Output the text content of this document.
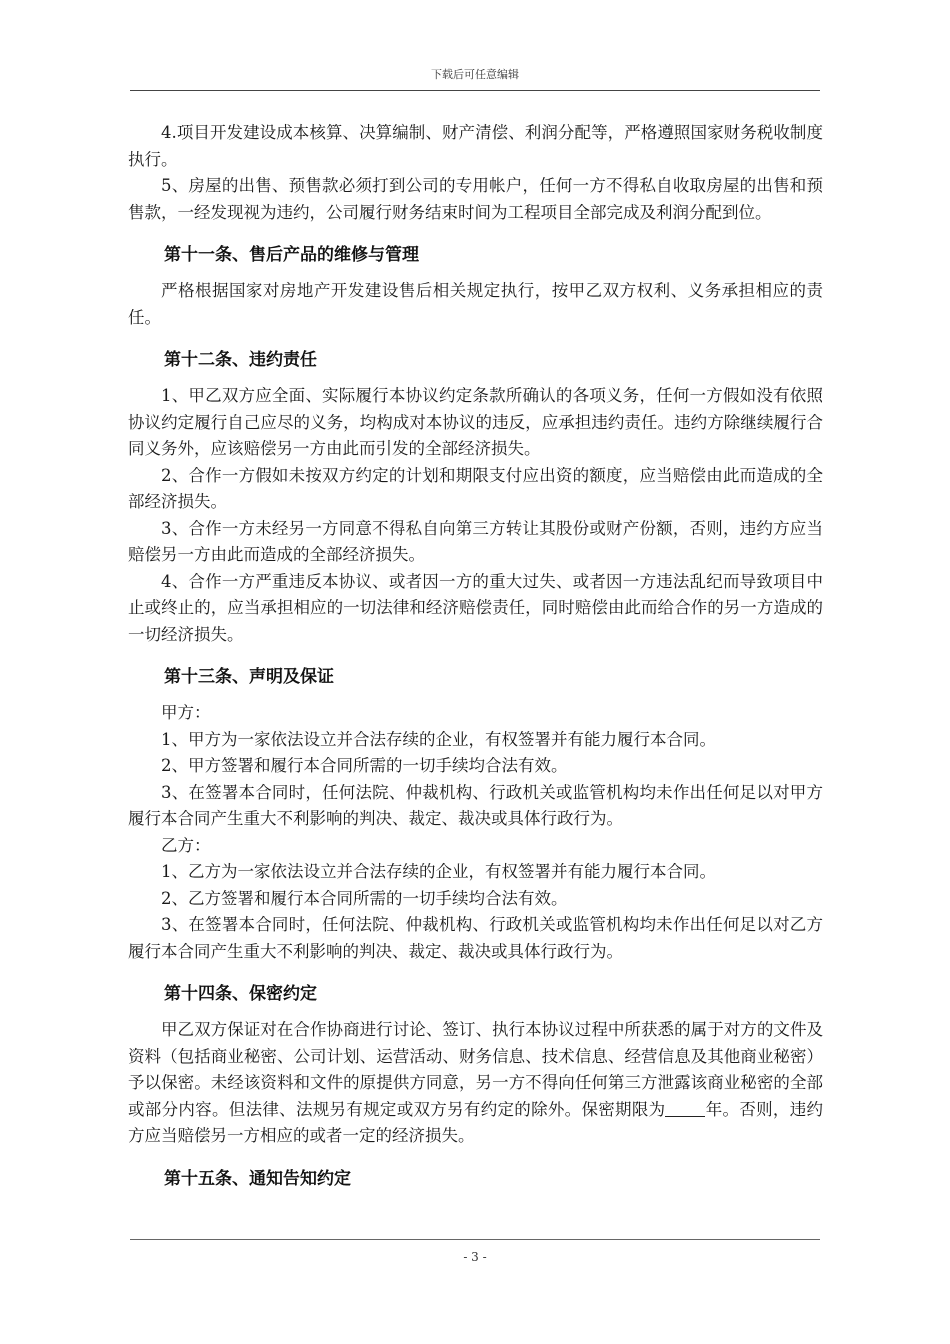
下载后可任意编辑

4.项目开发建设成本核算、决算编制、财产清偿、利润分配等，严格遵照国家财务税收制度执行。

5、房屋的出售、预售款必须打到公司的专用帐户，任何一方不得私自收取房屋的出售和预售款，一经发现视为违约，公司履行财务结束时间为工程项目全部完成及利润分配到位。

第十一条、售后产品的维修与管理

严格根据国家对房地产开发建设售后相关规定执行，按甲乙双方权利、义务承担相应的责任。

第十二条、违约责任

1、甲乙双方应全面、实际履行本协议约定条款所确认的各项义务，任何一方假如没有依照协议约定履行自己应尽的义务，均构成对本协议的违反，应承担违约责任。违约方除继续履行合同义务外，应该赔偿另一方由此而引发的全部经济损失。

2、合作一方假如未按双方约定的计划和期限支付应出资的额度，应当赔偿由此而造成的全部经济损失。

3、合作一方未经另一方同意不得私自向第三方转让其股份或财产份额，否则，违约方应当赔偿另一方由此而造成的全部经济损失。

4、合作一方严重违反本协议、或者因一方的重大过失、或者因一方违法乱纪而导致项目中止或终止的，应当承担相应的一切法律和经济赔偿责任，同时赔偿由此而给合作的另一方造成的一切经济损失。

第十三条、声明及保证

甲方：

1、甲方为一家依法设立并合法存续的企业，有权签署并有能力履行本合同。

2、甲方签署和履行本合同所需的一切手续均合法有效。

3、在签署本合同时，任何法院、仲裁机构、行政机关或监管机构均未作出任何足以对甲方履行本合同产生重大不利影响的判决、裁定、裁决或具体行政行为。

乙方：

1、乙方为一家依法设立并合法存续的企业，有权签署并有能力履行本合同。

2、乙方签署和履行本合同所需的一切手续均合法有效。

3、在签署本合同时，任何法院、仲裁机构、行政机关或监管机构均未作出任何足以对乙方履行本合同产生重大不利影响的判决、裁定、裁决或具体行政行为。

第十四条、保密约定

甲乙双方保证对在合作协商进行讨论、签订、执行本协议过程中所获悉的属于对方的文件及资料（包括商业秘密、公司计划、运营活动、财务信息、技术信息、经营信息及其他商业秘密）予以保密。未经该资料和文件的原提供方同意，另一方不得向任何第三方泄露该商业秘密的全部或部分内容。但法律、法规另有规定或双方另有约定的除外。保密期限为 年。否则，违约方应当赔偿另一方相应的或者一定的经济损失。

第十五条、通知告知约定
- 3 -
